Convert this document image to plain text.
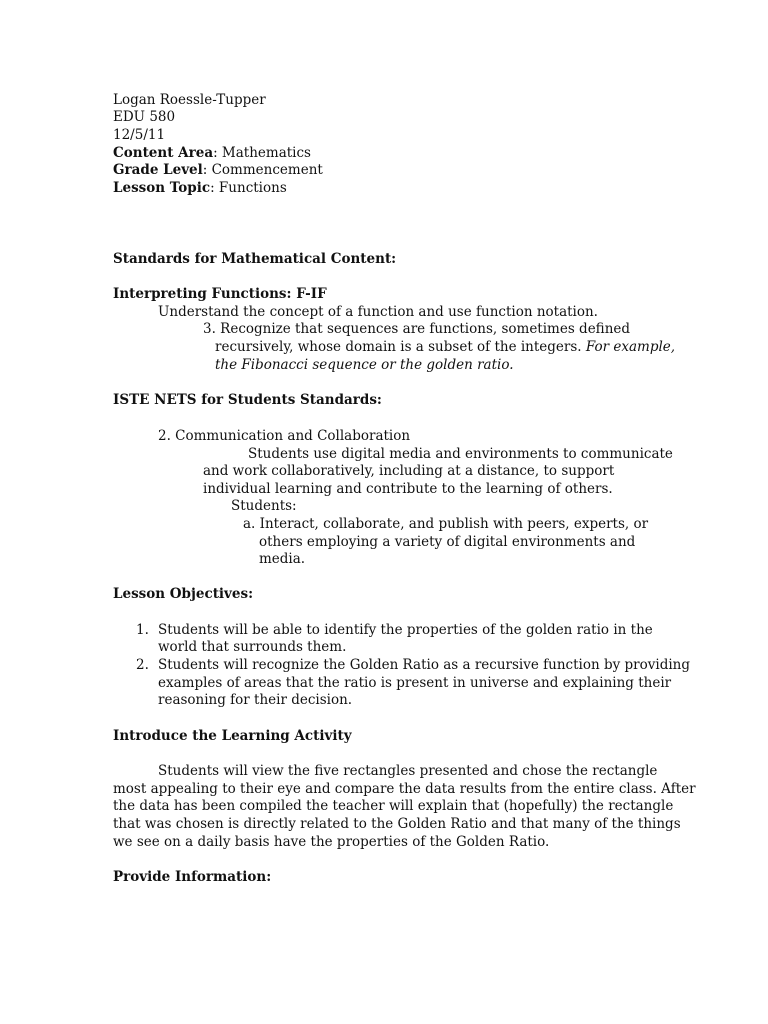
Logan Roessle-Tupper
EDU 580
12/5/11
Content Area: Mathematics
Grade Level: Commencement
Lesson Topic: Functions
Standards for Mathematical Content:
Interpreting Functions: F-IF
Understand the concept of a function and use function notation.
3. Recognize that sequences are functions, sometimes defined
recursively, whose domain is a subset of the integers. For example,
the Fibonacci sequence or the golden ratio.
ISTE NETS for Students Standards:
2. Communication and Collaboration
Students use digital media and environments to communicate
and work collaboratively, including at a distance, to support
individual learning and contribute to the learning of others.
Students:
a. Interact, collaborate, and publish with peers, experts, or
others employing a variety of digital environments and
media.
Lesson Objectives:
1. Students will be able to identify the properties of the golden ratio in the
world that surrounds them.
2. Students will recognize the Golden Ratio as a recursive function by providing
examples of areas that the ratio is present in universe and explaining their
reasoning for their decision.
Introduce the Learning Activity
Students will view the five rectangles presented and chose the rectangle
most appealing to their eye and compare the data results from the entire class. After
the data has been compiled the teacher will explain that (hopefully) the rectangle
that was chosen is directly related to the Golden Ratio and that many of the things
we see on a daily basis have the properties of the Golden Ratio.
Provide Information:
